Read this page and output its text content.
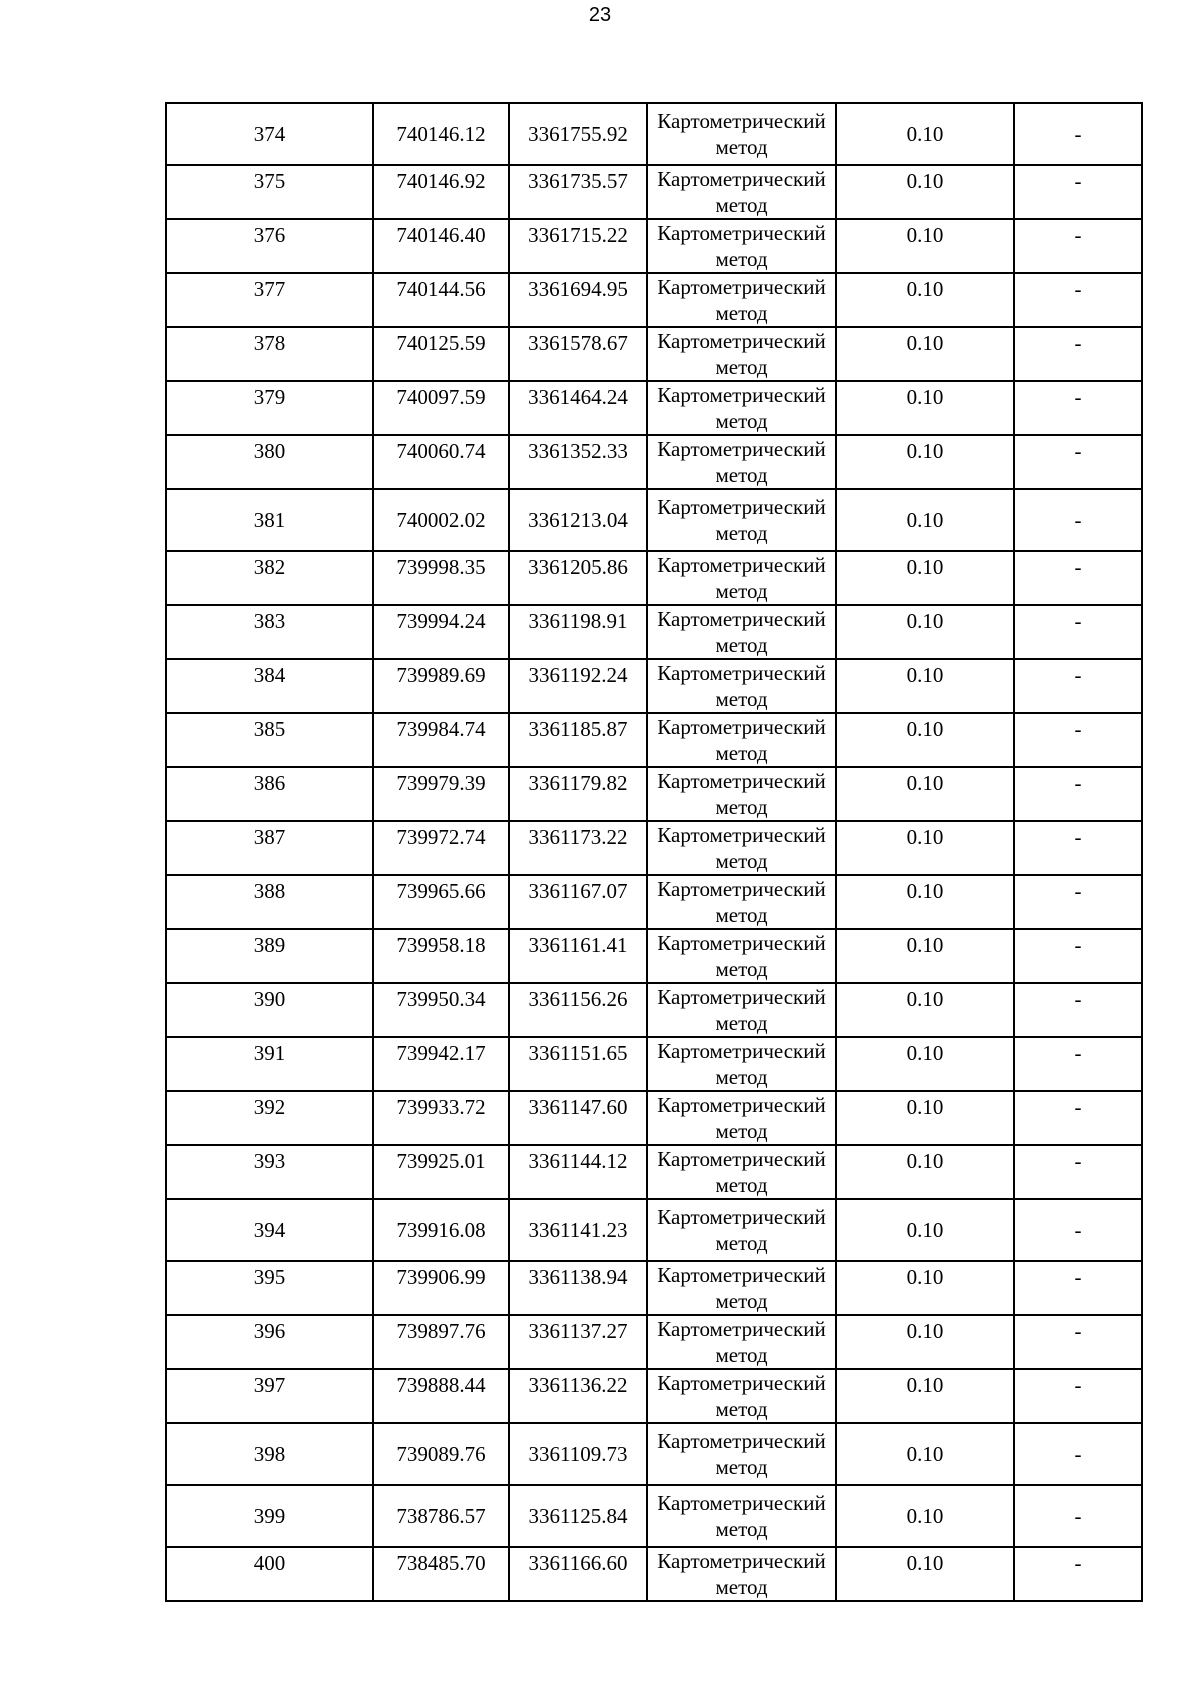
23
374	740146.12	3361755.92	Картометрический
метод	0.10	-

375	740146.92	3361735.57	Картометрический
метод	0.10	-

376	740146.40	3361715.22	Картометрический
метод	0.10	-

377	740144.56	3361694.95	Картометрический
метод	0.10	-

378	740125.59	3361578.67	Картометрический
метод	0.10	-

379	740097.59	3361464.24	Картометрический
метод	0.10	-

380	740060.74	3361352.33	Картометрический
метод	0.10	-

381	740002.02	3361213.04	Картометрический
метод	0.10	-

382	739998.35	3361205.86	Картометрический
метод	0.10	-

383	739994.24	3361198.91	Картометрический
метод	0.10	-

384	739989.69	3361192.24	Картометрический
метод	0.10	-

385	739984.74	3361185.87	Картометрический
метод	0.10	-

386	739979.39	3361179.82	Картометрический
метод	0.10	-

387	739972.74	3361173.22	Картометрический
метод	0.10	-

388	739965.66	3361167.07	Картометрический
метод	0.10	-

389	739958.18	3361161.41	Картометрический
метод	0.10	-

390	739950.34	3361156.26	Картометрический
метод	0.10	-

391	739942.17	3361151.65	Картометрический
метод	0.10	-

392	739933.72	3361147.60	Картометрический
метод	0.10	-

393	739925.01	3361144.12	Картометрический
метод	0.10	-

394	739916.08	3361141.23	Картометрический
метод	0.10	-

395	739906.99	3361138.94	Картометрический
метод	0.10	-

396	739897.76	3361137.27	Картометрический
метод	0.10	-

397	739888.44	3361136.22	Картометрический
метод	0.10	-

398	739089.76	3361109.73	Картометрический
метод	0.10	-

399	738786.57	3361125.84	Картометрический
метод	0.10	-

400	738485.70	3361166.60	Картометрический
метод	0.10	-
